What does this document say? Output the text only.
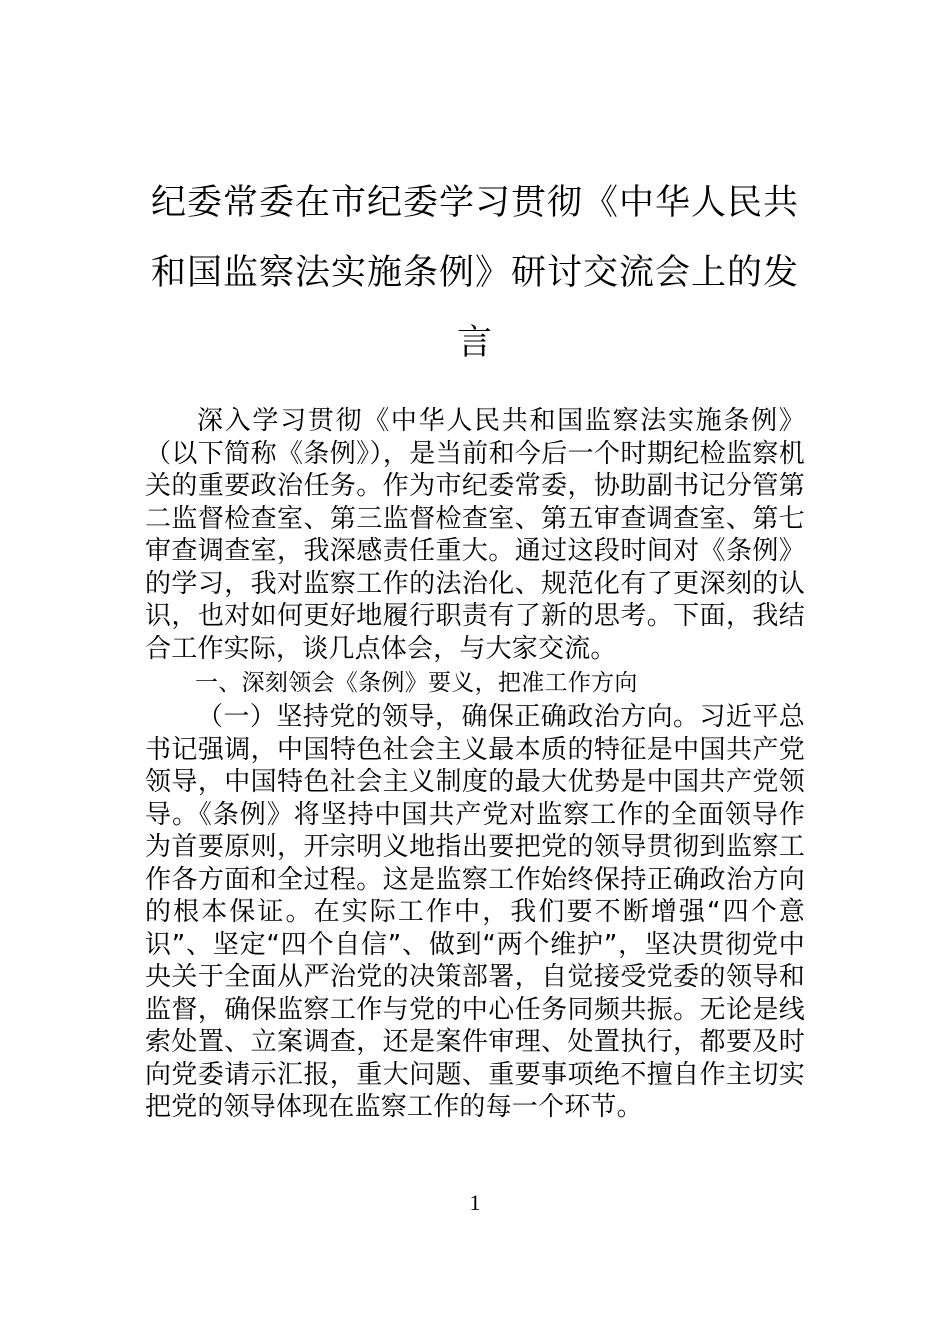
纪委常委在市纪委学习贯彻《中华人民共
和国监察法实施条例》研讨交流会上的发
言

深入学习贯彻《中华人民共和国监察法实施条例》（以下简称《条例》），是当前和今后一个时期纪检监察机关的重要政治任务。作为市纪委常委，协助副书记分管第二监督检查室、第三监督检查室、第五审查调查室、第七审查调查室，我深感责任重大。通过这段时间对《条例》的学习，我对监察工作的法治化、规范化有了更深刻的认识，也对如何更好地履行职责有了新的思考。下面，我结合工作实际，谈几点体会，与大家交流。

一、深刻领会《条例》要义，把准工作方向

（一）坚持党的领导，确保正确政治方向。习近平总书记强调，中国特色社会主义最本质的特征是中国共产党领导，中国特色社会主义制度的最大优势是中国共产党领导。《条例》将坚持中国共产党对监察工作的全面领导作为首要原则，开宗明义地指出要把党的领导贯彻到监察工作各方面和全过程。这是监察工作始终保持正确政治方向的根本保证。在实际工作中，我们要不断增强“四个意识”、坚定“四个自信”、做到“两个维护”，坚决贯彻党中央关于全面从严治党的决策部署，自觉接受党委的领导和监督，确保监察工作与党的中心任务同频共振。无论是线索处置、立案调查，还是案件审理、处置执行，都要及时向党委请示汇报，重大问题、重要事项绝不擅自作主切实把党的领导体现在监察工作的每一个环节。

1
